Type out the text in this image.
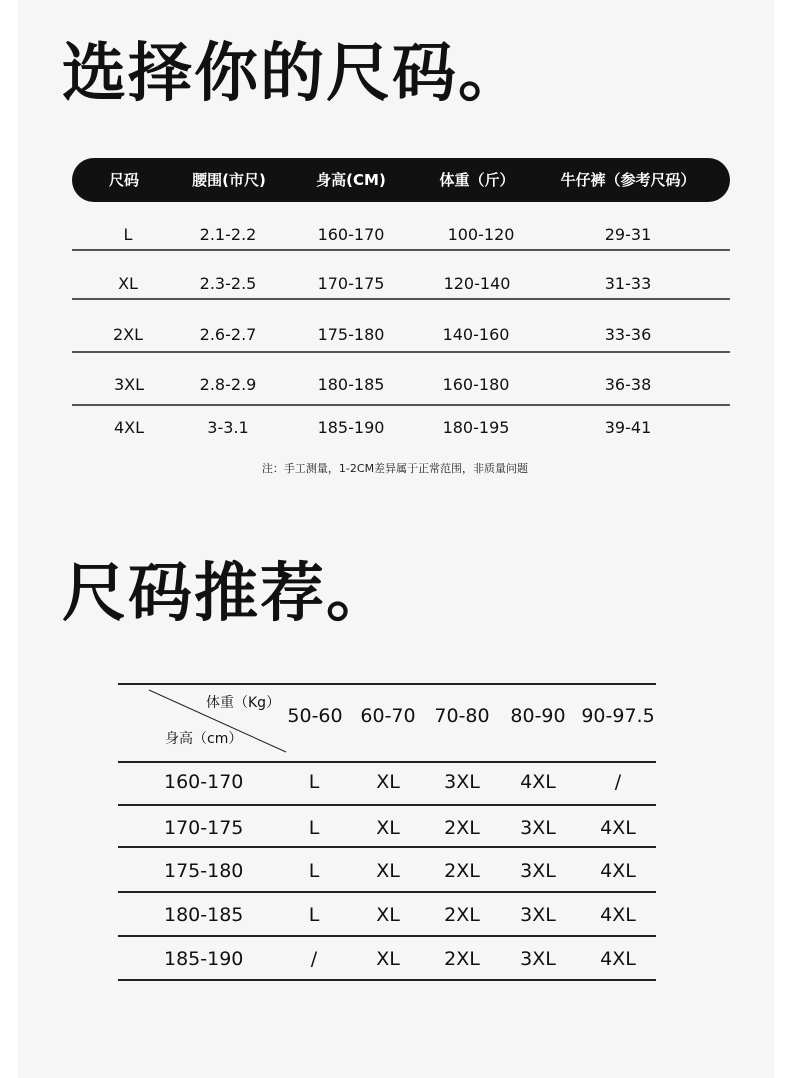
选择你的尺码。
尺码	腰围(市尺)	身高(CM)	体重（斤）	牛仔裤（参考尺码）
L	2.1-2.2	160-170	100-120	29-31
XL	2.3-2.5	170-175	120-140	31-33
2XL	2.6-2.7	175-180	140-160	33-36
3XL	2.8-2.9	180-185	160-180	36-38
4XL	3-3.1	185-190	180-195	39-41
注：手工测量，1-2CM差异属于正常范围，非质量问题
尺码推荐。
体重（Kg）
身高（cm）
50-60 60-70 70-80 80-90 90-97.5
160-170	L	XL 3XL 4XL	/
170-175	L	XL 2XL 3XL 4XL
175-180	L	XL 2XL 3XL 4XL
180-185	L	XL 2XL 3XL 4XL
185-190	/	XL 2XL 3XL 4XL
